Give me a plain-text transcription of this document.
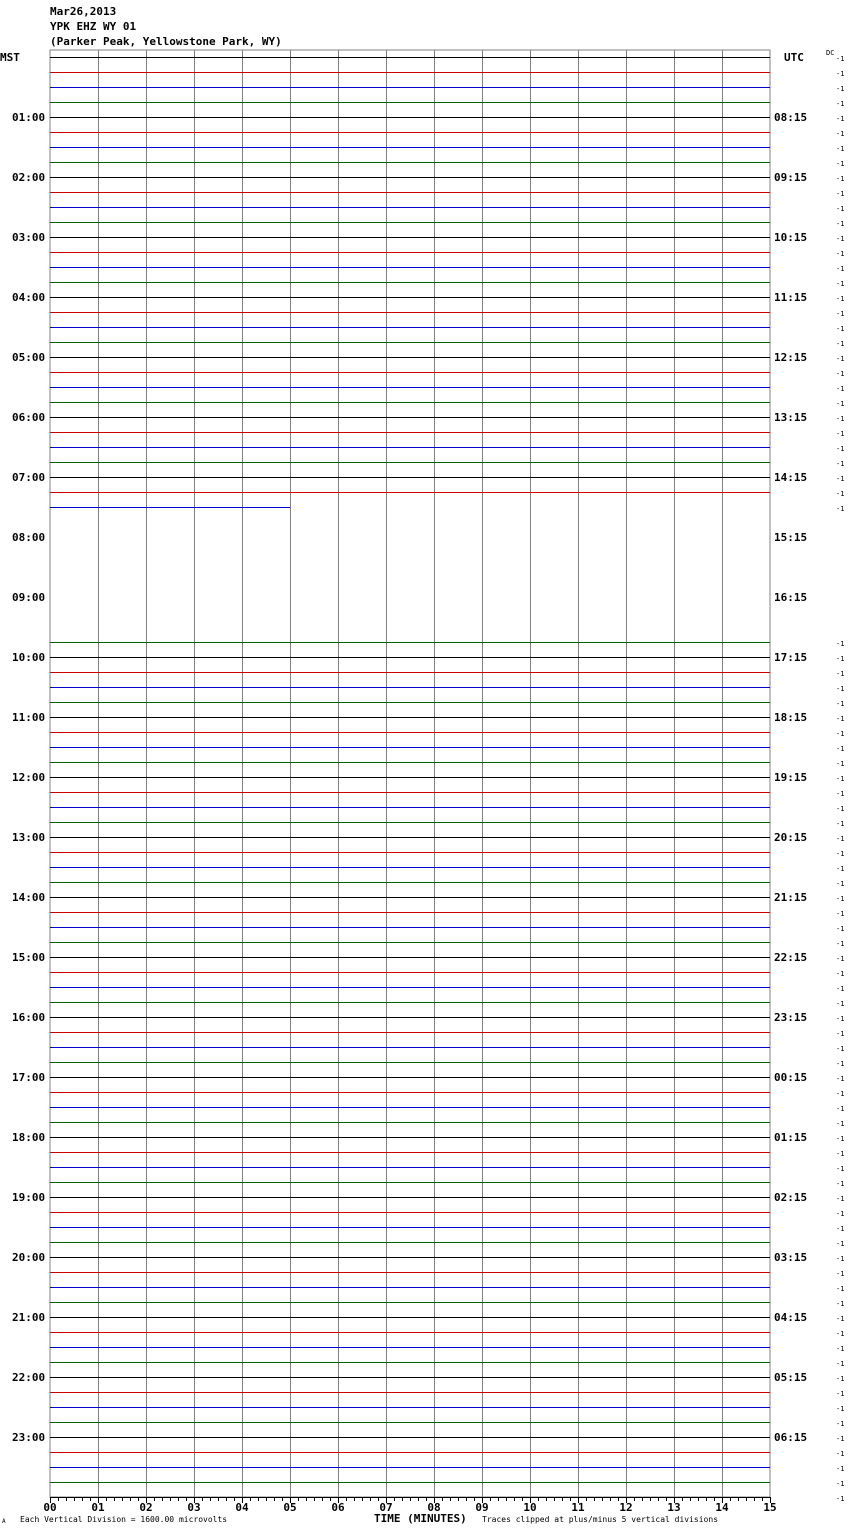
Mar26,2013
YPK EHZ WY 01
(Parker Peak, Yellowstone Park, WY)
MST	UTC	DC
-1
-1
-1
-1
-1
-1
-1
-1
-1
-1
-1
-1
-1
-1
-1
-1
-1
-1
-1
-1
-1
-1
-1
-1
-1
-1
-1
-1
-1
-1
-1
-1
-1
-1
-1
-1
-1
-1
-1
-1
-1
-1
-1
-1
-1
-1
-1
-1
-1
-1
-1
-1
-1
-1
-1
-1
-1
-1
-1
-1
-1
-1
-1
-1
-1
-1
-1
-1
-1
-1
-1
-1
-1
-1
-1
-1
-1
-1
-1
-1
-1
-1
-1
-1
-1
-1
-1
-1
-1
01:00	08:15
02:00	09:15
03:00	10:15
04:00	11:15
05:00	12:15
06:00	13:15
07:00	14:15
08:00	15:15
09:00	16:15
10:00	17:15
11:00	18:15
12:00	19:15
13:00	20:15
14:00	21:15
15:00	22:15
16:00	23:15
17:00	00:15
18:00	01:15
19:00	02:15
20:00	03:15
21:00	04:15
22:00	05:15
23:00	06:15
00	01	02	03	04	05	06	07	08	09	10	11	12	13	14	15
A Each Vertical Division = 1600.00 microvolts	TIME (MINUTES) Traces clipped at plus/minus 5 vertical divisions
